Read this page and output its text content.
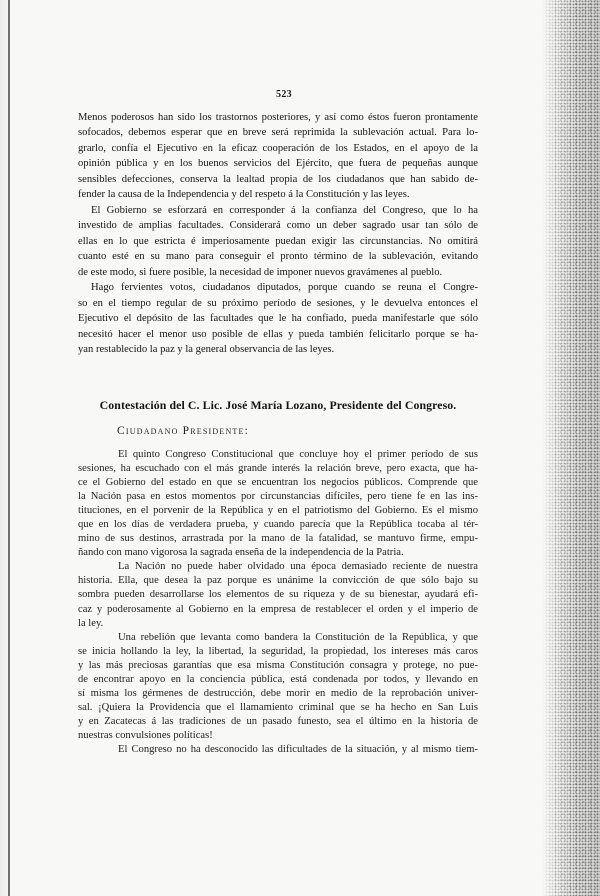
523
Menos poderosos han sido los trastornos posteriores, y así como éstos fueron prontamente
sofocados, debemos esperar que en breve será reprimida la sublevación actual. Para lo-
grarlo, confía el Ejecutivo en la eficaz cooperación de los Estados, en el apoyo de la
opinión pública y en los buenos servicios del Ejército, que fuera de pequeñas aunque
sensibles defecciones, conserva la lealtad propia de los ciudadanos que han sabido de-
fender la causa de la Independencia y del respeto á la Constitución y las leyes.
El Gobierno se esforzará en corresponder á la confianza del Congreso, que lo ha
investido de amplias facultades. Considerará como un deber sagrado usar tan sólo de
ellas en lo que estricta é imperiosamente puedan exigir las circunstancias. No omitirá
cuanto esté en su mano para conseguir el pronto término de la sublevación, evitando
de este modo, si fuere posible, la necesidad de imponer nuevos gravámenes al pueblo.
Hago fervientes votos, ciudadanos diputados, porque cuando se reuna el Congre-
so en el tiempo regular de su próximo período de sesiones, y le devuelva entonces el
Ejecutivo el depósito de las facultades que le ha confiado, pueda manifestarle que sólo
necesitó hacer el menor uso posible de ellas y pueda también felicitarlo porque se ha-
yan restablecido la paz y la general observancia de las leyes.
Contestación del C. Lic. José María Lozano, Presidente del Congreso.
Ciudadano Presidente:
El quinto Congreso Constitucional que concluye hoy el primer período de sus
sesiones, ha escuchado con el más grande interés la relación breve, pero exacta, que ha-
ce el Gobierno del estado en que se encuentran los negocios públicos. Comprende que
la Nación pasa en estos momentos por circunstancias difíciles, pero tiene fe en las ins-
tituciones, en el porvenir de la República y en el patriotismo del Gobierno. Es el mismo
que en los días de verdadera prueba, y cuando parecía que la República tocaba al tér-
mino de sus destinos, arrastrada por la mano de la fatalidad, se mantuvo firme, empu-
ñando con mano vigorosa la sagrada enseña de la independencia de la Patria.
La Nación no puede haber olvidado una época demasiado reciente de nuestra
historia. Ella, que desea la paz porque es unánime la convicción de que sólo bajo su
sombra pueden desarrollarse los elementos de su riqueza y de su bienestar, ayudará efi-
caz y poderosamente al Gobierno en la empresa de restablecer el orden y el imperio de
la ley.
Una rebelión que levanta como bandera la Constitución de la República, y que
se inicia hollando la ley, la libertad, la seguridad, la propiedad, los intereses más caros
y las más preciosas garantías que esa misma Constitución consagra y protege, no pue-
de encontrar apoyo en la conciencia pública, está condenada por todos, y llevando en
sí misma los gérmenes de destrucción, debe morir en medio de la reprobación univer-
sal. ¡Quiera la Providencia que el llamamiento criminal que se ha hecho en San Luis
y en Zacatecas á las tradiciones de un pasado funesto, sea el último en la historia de
nuestras convulsiones políticas!
El Congreso no ha desconocido las dificultades de la situación, y al mismo tiem-
